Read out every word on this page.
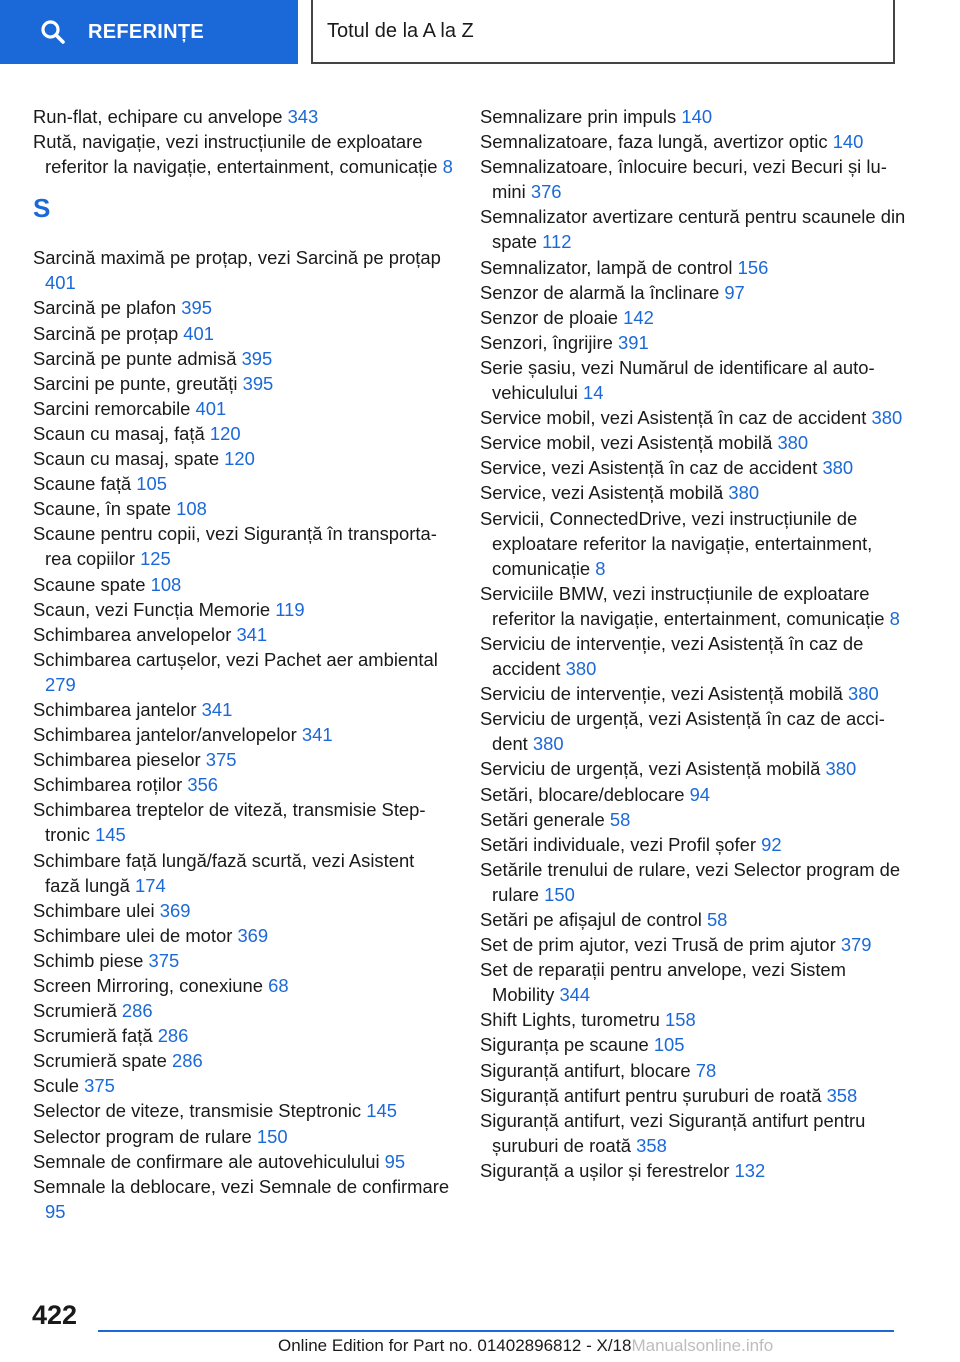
REFERINȚE	Totul de la A la Z
Run-flat, echipare cu anvelope 343
Rută, navigație, vezi instrucțiunile de exploatare referitor la navigație, entertainment, comunicație 8
S
Sarcină maximă pe proțap, vezi Sarcină pe proțap 401
Sarcină pe plafon 395
Sarcină pe proțap 401
Sarcină pe punte admisă 395
Sarcini pe punte, greutăți 395
Sarcini remorcabile 401
Scaun cu masaj, față 120
Scaun cu masaj, spate 120
Scaune față 105
Scaune, în spate 108
Scaune pentru copii, vezi Siguranță în transportarea copiilor 125
Scaune spate 108
Scaun, vezi Funcția Memorie 119
Schimbarea anvelopelor 341
Schimbarea cartușelor, vezi Pachet aer ambiental 279
Schimbarea jantelor 341
Schimbarea jantelor/anvelopelor 341
Schimbarea pieselor 375
Schimbarea roților 356
Schimbarea treptelor de viteză, transmisie Steptronic 145
Schimbare față lungă/fază scurtă, vezi Asistent fază lungă 174
Schimbare ulei 369
Schimbare ulei de motor 369
Schimb piese 375
Screen Mirroring, conexiune 68
Scrumieră 286
Scrumieră față 286
Scrumieră spate 286
Scule 375
Selector de viteze, transmisie Steptronic 145
Selector program de rulare 150
Semnale de confirmare ale autovehiculului 95
Semnale la deblocare, vezi Semnale de confirmare 95
Semnalizare prin impuls 140
Semnalizatoare, faza lungă, avertizor optic 140
Semnalizatoare, înlocuire becuri, vezi Becuri și lumini 376
Semnalizator avertizare centură pentru scaunele din spate 112
Semnalizator, lampă de control 156
Senzor de alarmă la înclinare 97
Senzor de ploaie 142
Senzori, îngrijire 391
Serie șasiu, vezi Numărul de identificare al autovehiculului 14
Service mobil, vezi Asistență în caz de accident 380
Service mobil, vezi Asistență mobilă 380
Service, vezi Asistență în caz de accident 380
Service, vezi Asistență mobilă 380
Servicii, ConnectedDrive, vezi instrucțiunile de exploatare referitor la navigație, entertainment, comunicație 8
Serviciile BMW, vezi instrucțiunile de exploatare referitor la navigație, entertainment, comunicație 8
Serviciu de intervenție, vezi Asistență în caz de accident 380
Serviciu de intervenție, vezi Asistență mobilă 380
Serviciu de urgență, vezi Asistență în caz de accident 380
Serviciu de urgență, vezi Asistență mobilă 380
Setări, blocare/deblocare 94
Setări generale 58
Setări individuale, vezi Profil șofer 92
Setările trenului de rulare, vezi Selector program de rulare 150
Setări pe afișajul de control 58
Set de prim ajutor, vezi Trusă de prim ajutor 379
Set de reparații pentru anvelope, vezi Sistem Mobility 344
Shift Lights, turometru 158
Siguranța pe scaune 105
Siguranță antifurt, blocare 78
Siguranță antifurt pentru șuruburi de roată 358
Siguranță antifurt, vezi Siguranță antifurt pentru șuruburi de roată 358
Siguranță a ușilor și ferestrelor 132
422
Online Edition for Part no. 01402896812 - X/18Manualsonline.info
